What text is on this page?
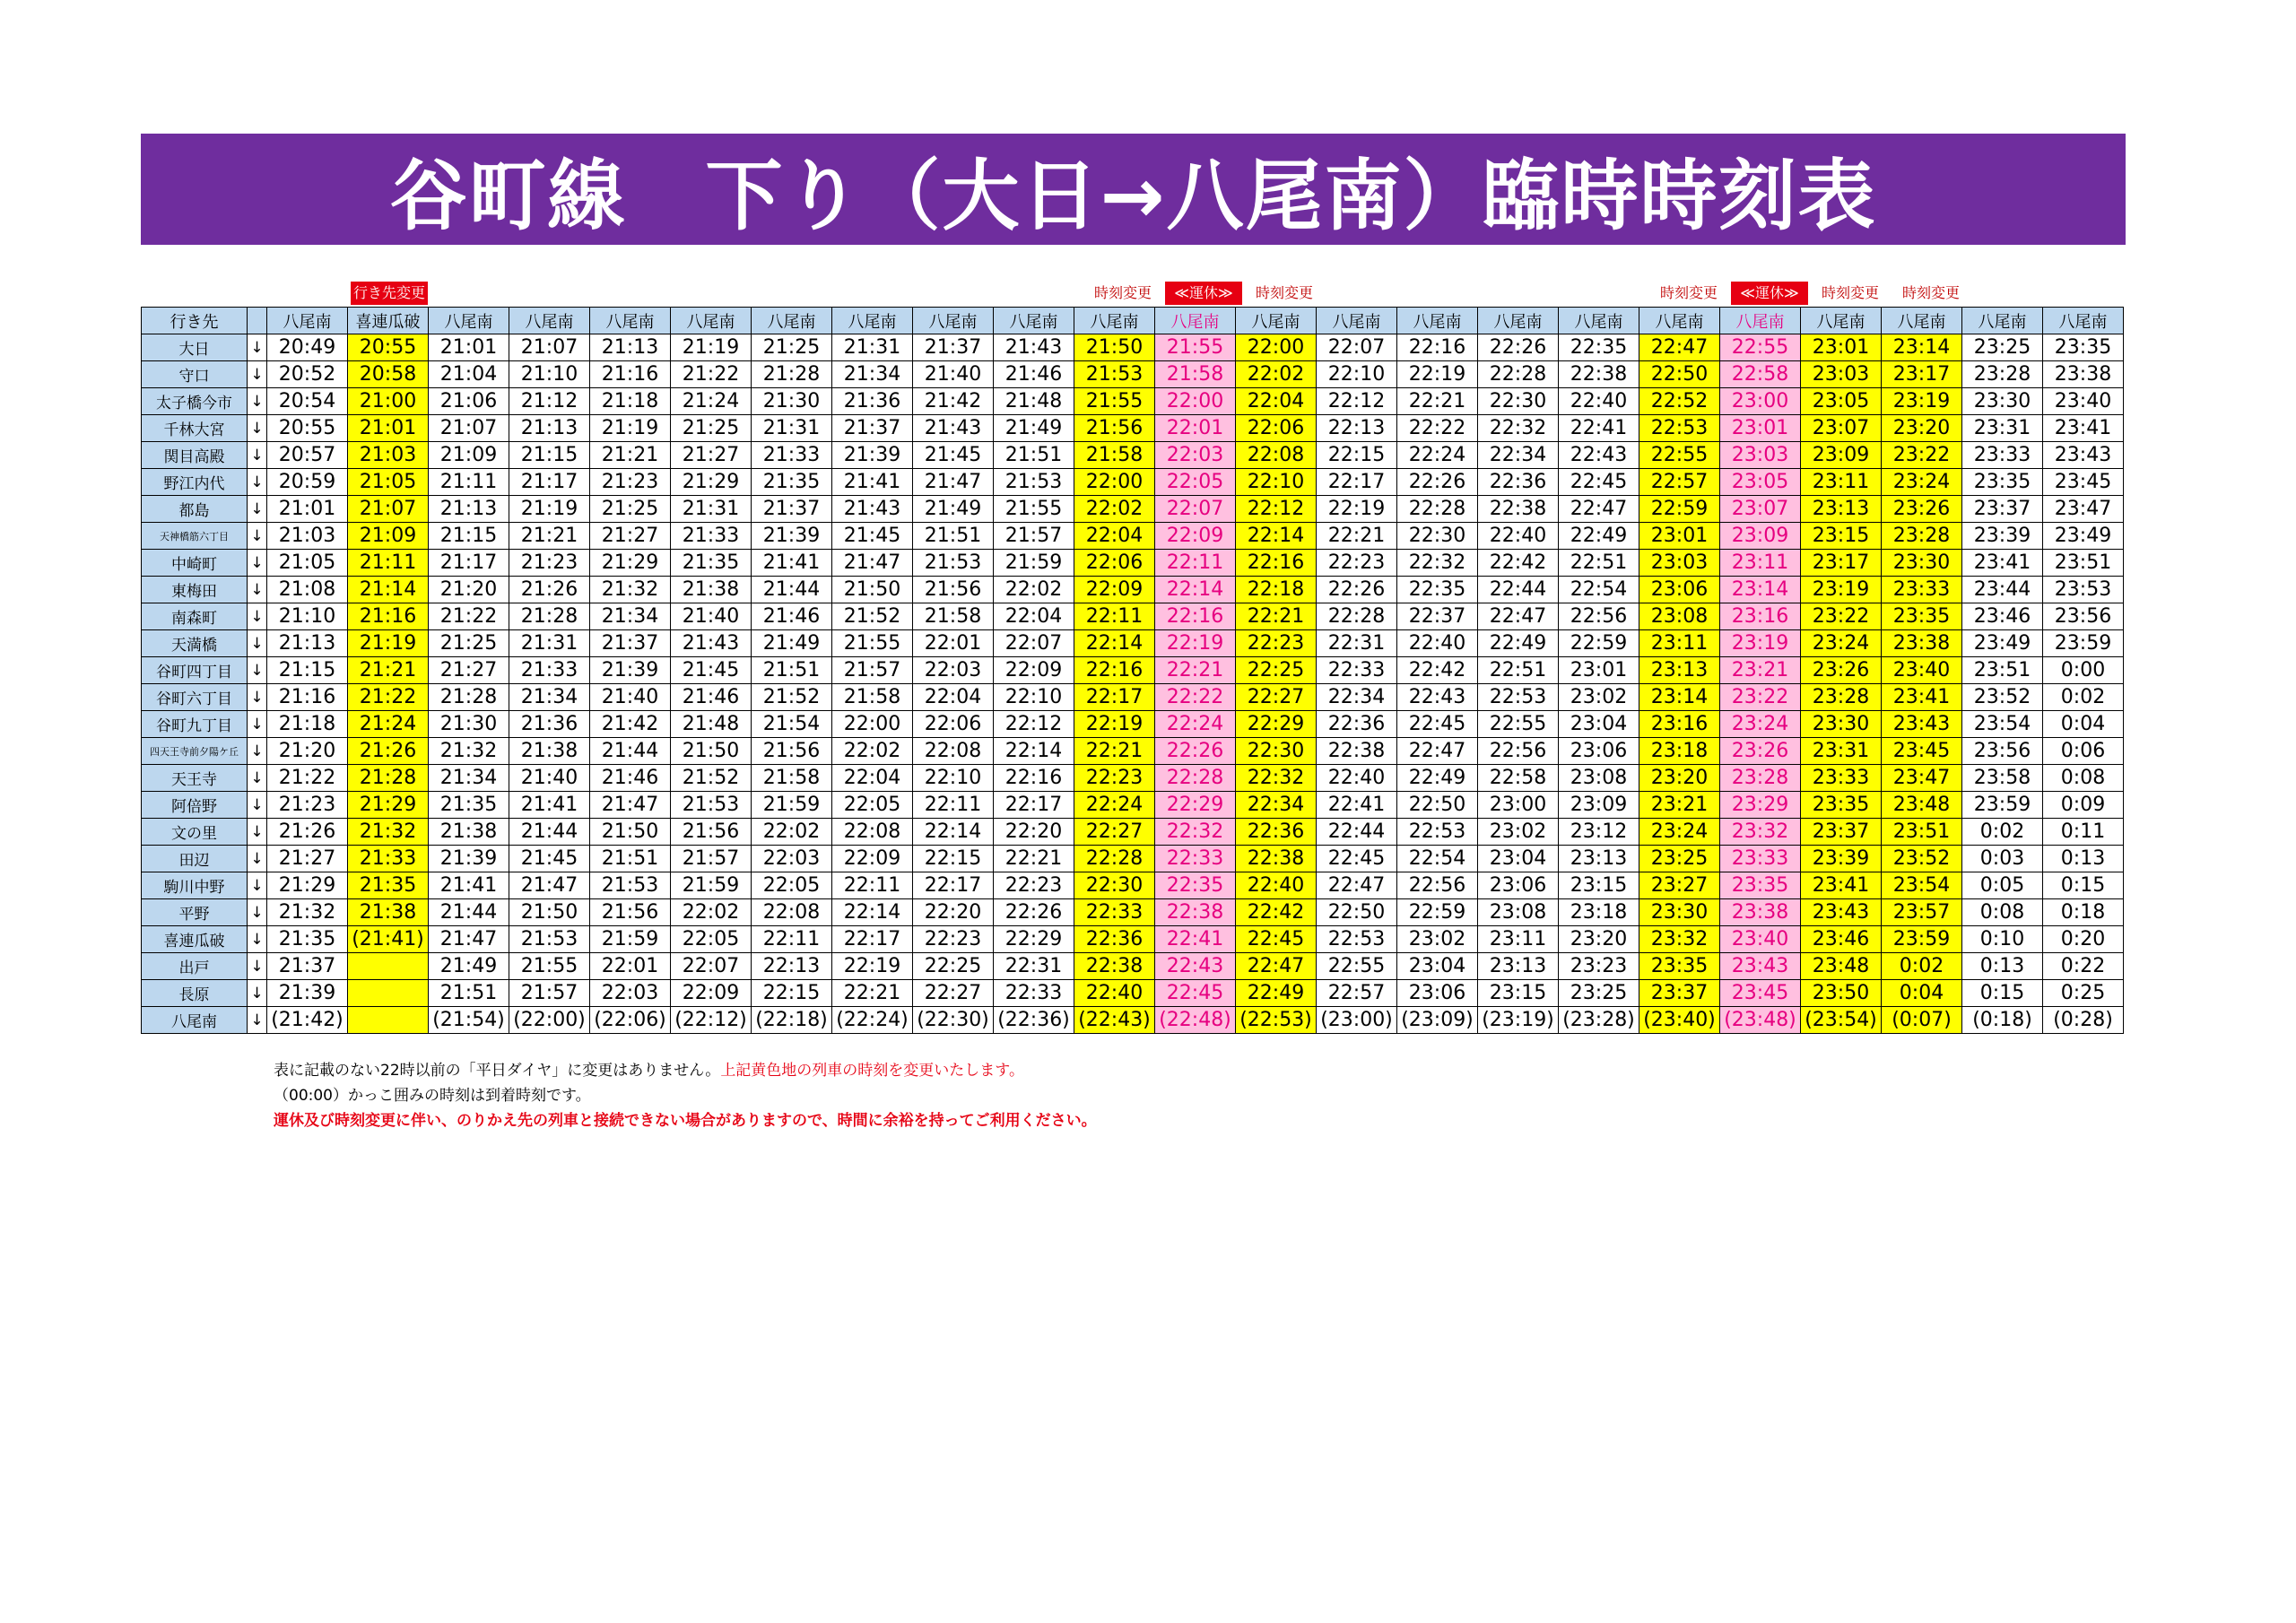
谷町線　下り（大日→八尾南）臨時時刻表
行き先変更	時刻変更	≪運休≫	時刻変更	時刻変更	≪運休≫	時刻変更	時刻変更
行き先		八尾南	喜連瓜破	八尾南	八尾南	八尾南	八尾南	八尾南	八尾南	八尾南	八尾南	八尾南	八尾南	八尾南	八尾南	八尾南	八尾南	八尾南	八尾南	八尾南	八尾南	八尾南	八尾南	八尾南
大日	↓	20:49	20:55	21:01	21:07	21:13	21:19	21:25	21:31	21:37	21:43	21:50	21:55	22:00	22:07	22:16	22:26	22:35	22:47	22:55	23:01	23:14	23:25	23:35
守口	↓	20:52	20:58	21:04	21:10	21:16	21:22	21:28	21:34	21:40	21:46	21:53	21:58	22:02	22:10	22:19	22:28	22:38	22:50	22:58	23:03	23:17	23:28	23:38
太子橋今市	↓	20:54	21:00	21:06	21:12	21:18	21:24	21:30	21:36	21:42	21:48	21:55	22:00	22:04	22:12	22:21	22:30	22:40	22:52	23:00	23:05	23:19	23:30	23:40
千林大宮	↓	20:55	21:01	21:07	21:13	21:19	21:25	21:31	21:37	21:43	21:49	21:56	22:01	22:06	22:13	22:22	22:32	22:41	22:53	23:01	23:07	23:20	23:31	23:41
関目高殿	↓	20:57	21:03	21:09	21:15	21:21	21:27	21:33	21:39	21:45	21:51	21:58	22:03	22:08	22:15	22:24	22:34	22:43	22:55	23:03	23:09	23:22	23:33	23:43
野江内代	↓	20:59	21:05	21:11	21:17	21:23	21:29	21:35	21:41	21:47	21:53	22:00	22:05	22:10	22:17	22:26	22:36	22:45	22:57	23:05	23:11	23:24	23:35	23:45
都島	↓	21:01	21:07	21:13	21:19	21:25	21:31	21:37	21:43	21:49	21:55	22:02	22:07	22:12	22:19	22:28	22:38	22:47	22:59	23:07	23:13	23:26	23:37	23:47
天神橋筋六丁目	↓	21:03	21:09	21:15	21:21	21:27	21:33	21:39	21:45	21:51	21:57	22:04	22:09	22:14	22:21	22:30	22:40	22:49	23:01	23:09	23:15	23:28	23:39	23:49
中崎町	↓	21:05	21:11	21:17	21:23	21:29	21:35	21:41	21:47	21:53	21:59	22:06	22:11	22:16	22:23	22:32	22:42	22:51	23:03	23:11	23:17	23:30	23:41	23:51
東梅田	↓	21:08	21:14	21:20	21:26	21:32	21:38	21:44	21:50	21:56	22:02	22:09	22:14	22:18	22:26	22:35	22:44	22:54	23:06	23:14	23:19	23:33	23:44	23:53
南森町	↓	21:10	21:16	21:22	21:28	21:34	21:40	21:46	21:52	21:58	22:04	22:11	22:16	22:21	22:28	22:37	22:47	22:56	23:08	23:16	23:22	23:35	23:46	23:56
天満橋	↓	21:13	21:19	21:25	21:31	21:37	21:43	21:49	21:55	22:01	22:07	22:14	22:19	22:23	22:31	22:40	22:49	22:59	23:11	23:19	23:24	23:38	23:49	23:59
谷町四丁目	↓	21:15	21:21	21:27	21:33	21:39	21:45	21:51	21:57	22:03	22:09	22:16	22:21	22:25	22:33	22:42	22:51	23:01	23:13	23:21	23:26	23:40	23:51	0:00
谷町六丁目	↓	21:16	21:22	21:28	21:34	21:40	21:46	21:52	21:58	22:04	22:10	22:17	22:22	22:27	22:34	22:43	22:53	23:02	23:14	23:22	23:28	23:41	23:52	0:02
谷町九丁目	↓	21:18	21:24	21:30	21:36	21:42	21:48	21:54	22:00	22:06	22:12	22:19	22:24	22:29	22:36	22:45	22:55	23:04	23:16	23:24	23:30	23:43	23:54	0:04
四天王寺前夕陽ケ丘	↓	21:20	21:26	21:32	21:38	21:44	21:50	21:56	22:02	22:08	22:14	22:21	22:26	22:30	22:38	22:47	22:56	23:06	23:18	23:26	23:31	23:45	23:56	0:06
天王寺	↓	21:22	21:28	21:34	21:40	21:46	21:52	21:58	22:04	22:10	22:16	22:23	22:28	22:32	22:40	22:49	22:58	23:08	23:20	23:28	23:33	23:47	23:58	0:08
阿倍野	↓	21:23	21:29	21:35	21:41	21:47	21:53	21:59	22:05	22:11	22:17	22:24	22:29	22:34	22:41	22:50	23:00	23:09	23:21	23:29	23:35	23:48	23:59	0:09
文の里	↓	21:26	21:32	21:38	21:44	21:50	21:56	22:02	22:08	22:14	22:20	22:27	22:32	22:36	22:44	22:53	23:02	23:12	23:24	23:32	23:37	23:51	0:02	0:11
田辺	↓	21:27	21:33	21:39	21:45	21:51	21:57	22:03	22:09	22:15	22:21	22:28	22:33	22:38	22:45	22:54	23:04	23:13	23:25	23:33	23:39	23:52	0:03	0:13
駒川中野	↓	21:29	21:35	21:41	21:47	21:53	21:59	22:05	22:11	22:17	22:23	22:30	22:35	22:40	22:47	22:56	23:06	23:15	23:27	23:35	23:41	23:54	0:05	0:15
平野	↓	21:32	21:38	21:44	21:50	21:56	22:02	22:08	22:14	22:20	22:26	22:33	22:38	22:42	22:50	22:59	23:08	23:18	23:30	23:38	23:43	23:57	0:08	0:18
喜連瓜破	↓	21:35	(21:41)	21:47	21:53	21:59	22:05	22:11	22:17	22:23	22:29	22:36	22:41	22:45	22:53	23:02	23:11	23:20	23:32	23:40	23:46	23:59	0:10	0:20
出戸	↓	21:37		21:49	21:55	22:01	22:07	22:13	22:19	22:25	22:31	22:38	22:43	22:47	22:55	23:04	23:13	23:23	23:35	23:43	23:48	0:02	0:13	0:22
長原	↓	21:39		21:51	21:57	22:03	22:09	22:15	22:21	22:27	22:33	22:40	22:45	22:49	22:57	23:06	23:15	23:25	23:37	23:45	23:50	0:04	0:15	0:25
八尾南	↓	(21:42)		(21:54)	(22:00)	(22:06)	(22:12)	(22:18)	(22:24)	(22:30)	(22:36)	(22:43)	(22:48)	(22:53)	(23:00)	(23:09)	(23:19)	(23:28)	(23:40)	(23:48)	(23:54)	(0:07)	(0:18)	(0:28)
表に記載のない22時以前の「平日ダイヤ」に変更はありません。上記黄色地の列車の時刻を変更いたします。
（00:00）かっこ囲みの時刻は到着時刻です。
運休及び時刻変更に伴い、のりかえ先の列車と接続できない場合がありますので、時間に余裕を持ってご利用ください。
